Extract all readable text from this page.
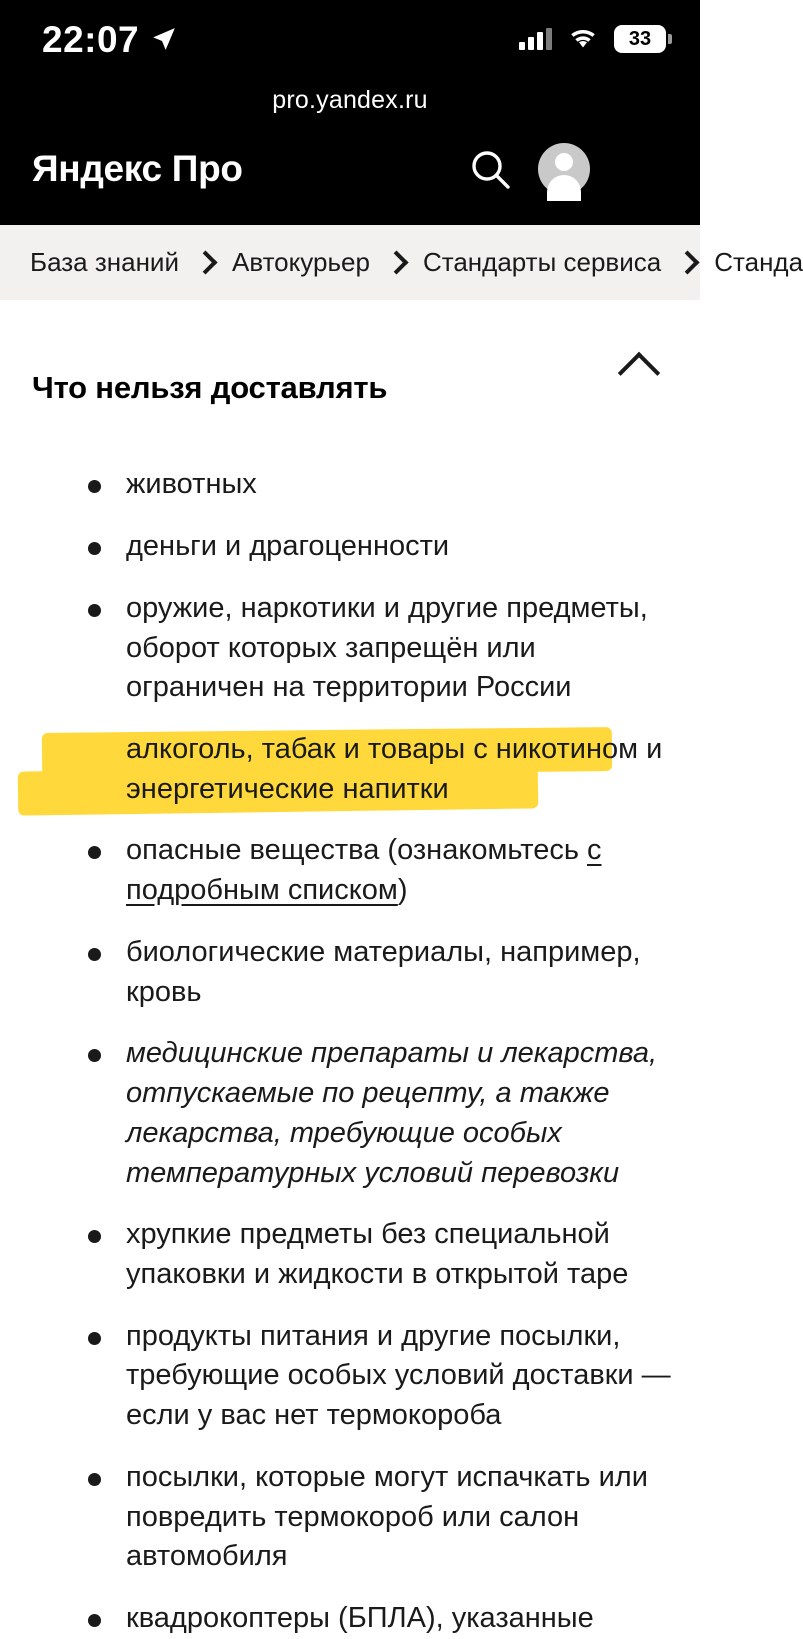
22:07	33
pro.yandex.ru
Яндекс Про
База знаний Автокурьер Стандарты сервиса Станда
Что нельзя доставлять
животных
деньги и драгоценности
оружие, наркотики и другие предметы, оборот которых запрещён или ограничен на территории России
алкоголь, табак и товары с никотином и энергетические напитки
опасные вещества (ознакомьтесь с подробным списком)
биологические материалы, например, кровь
медицинские препараты и лекарства, отпускаемые по рецепту, а также лекарства, требующие особых температурных условий перевозки
хрупкие предметы без специальной упаковки и жидкости в открытой таре
продукты питания и другие посылки, требующие особых условий доставки — если у вас нет термокороба
посылки, которые могут испачкать или повредить термокороб или салон автомобиля
квадрокоптеры (БПЛА), указанные
